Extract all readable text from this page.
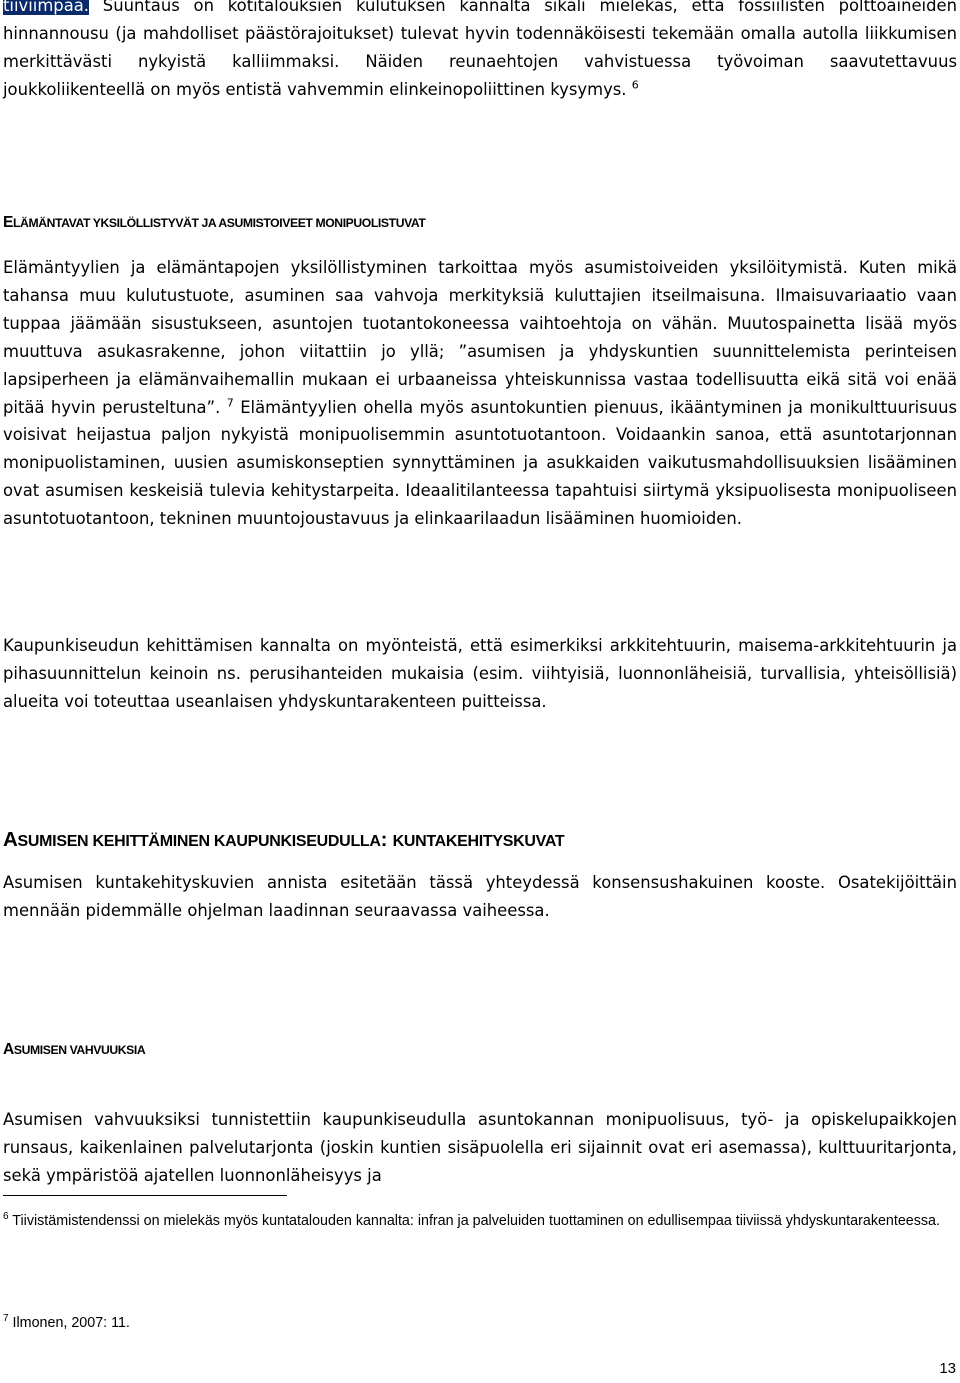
tiiviimpää. Suuntaus on kotitalouksien kulutuksen kannalta sikäli mielekäs, että fossiilisten polttoaineiden hinnannousu (ja mahdolliset päästörajoitukset) tulevat hyvin todennäköisesti tekemään omalla autolla liikkumisen merkittävästi nykyistä kalliimmaksi. Näiden reunaehtojen vahvistuessa työvoiman saavutettavuus joukkoliikenteellä on myös entistä vahvemmin elinkeinopoliittinen kysymys. $^6$

ELÄMÄNTAVAT YKSILÖLLISTYVÄT JA ASUMISTOIVEET MONIPUOLISTUVAT

Elämäntyylien ja elämäntapojen yksilöllistyminen tarkoittaa myös asumistoiveiden yksilöitymistä. Kuten mikä tahansa muu kulutustuote, asuminen saa vahvoja merkityksiä kuluttajien itseilmaisuna. Ilmaisuvariaatio vaan tuppaa jäämään sisustukseen, asuntojen tuotantokoneessa vaihtoehtoja on vähän. Muutospainetta lisää myös muuttuva asukasrakenne, johon viitattiin jo yllä; ”asumisen ja yhdyskuntien suunnittelemista perinteisen lapsiperheen ja elämänvaihemallin mukaan ei urbaaneissa yhteiskunnissa vastaa todellisuutta eikä sitä voi enää pitää hyvin perusteltuna”. $^7$ Elämäntyylien ohella myös asuntokuntien pienuus, ikääntyminen ja monikulttuurisuus voisivat heijastua paljon nykyistä monipuolisemmin asuntotuotantoon. Voidaankin sanoa, että asuntotarjonnan monipuolistaminen, uusien asumiskonseptien synnyttäminen ja asukkaiden vaikutusmahdollisuuksien lisääminen ovat asumisen keskeisiä tulevia kehitystarpeita. Ideaalitilanteessa tapahtuisi siirtymä yksipuolisesta monipuoliseen asuntotuotantoon, tekninen muuntojoustavuus ja elinkaarilaadun lisääminen huomioiden.

Kaupunkiseudun kehittämisen kannalta on myönteistä, että esimerkiksi arkkitehtuurin, maisema-arkkitehtuurin ja pihasuunnittelun keinoin ns. perusihanteiden mukaisia (esim. viihtyisiä, luonnonläheisiä, turvallisia, yhteisöllisiä) alueita voi toteuttaa useanlaisen yhdyskuntarakenteen puitteissa.

ASUMISEN KEHITTÄMINEN KAUPUNKISEUDULLA: KUNTAKEHITYSKUVAT

Asumisen kuntakehityskuvien annista esitetään tässä yhteydessä konsensushakuinen kooste. Osatekijöittäin mennään pidemmälle ohjelman laadinnan seuraavassa vaiheessa.

ASUMISEN VAHVUUKSIA

Asumisen vahvuuksiksi tunnistettiin kaupunkiseudulla asuntokannan monipuolisuus, työ- ja opiskelupaikkojen runsaus, kaikenlainen palvelutarjonta (joskin kuntien sisäpuolella eri sijainnit ovat eri asemassa), kulttuuritarjonta, sekä ympäristöä ajatellen luonnonläheisyys ja

$^6$ Tiivistämistendenssi on mielekäs myös kuntatalouden kannalta: infran ja palveluiden tuottaminen on edullisempaa tiiviissä yhdyskuntarakenteessa.

$^7$ Ilmonen, 2007: 11.

13
